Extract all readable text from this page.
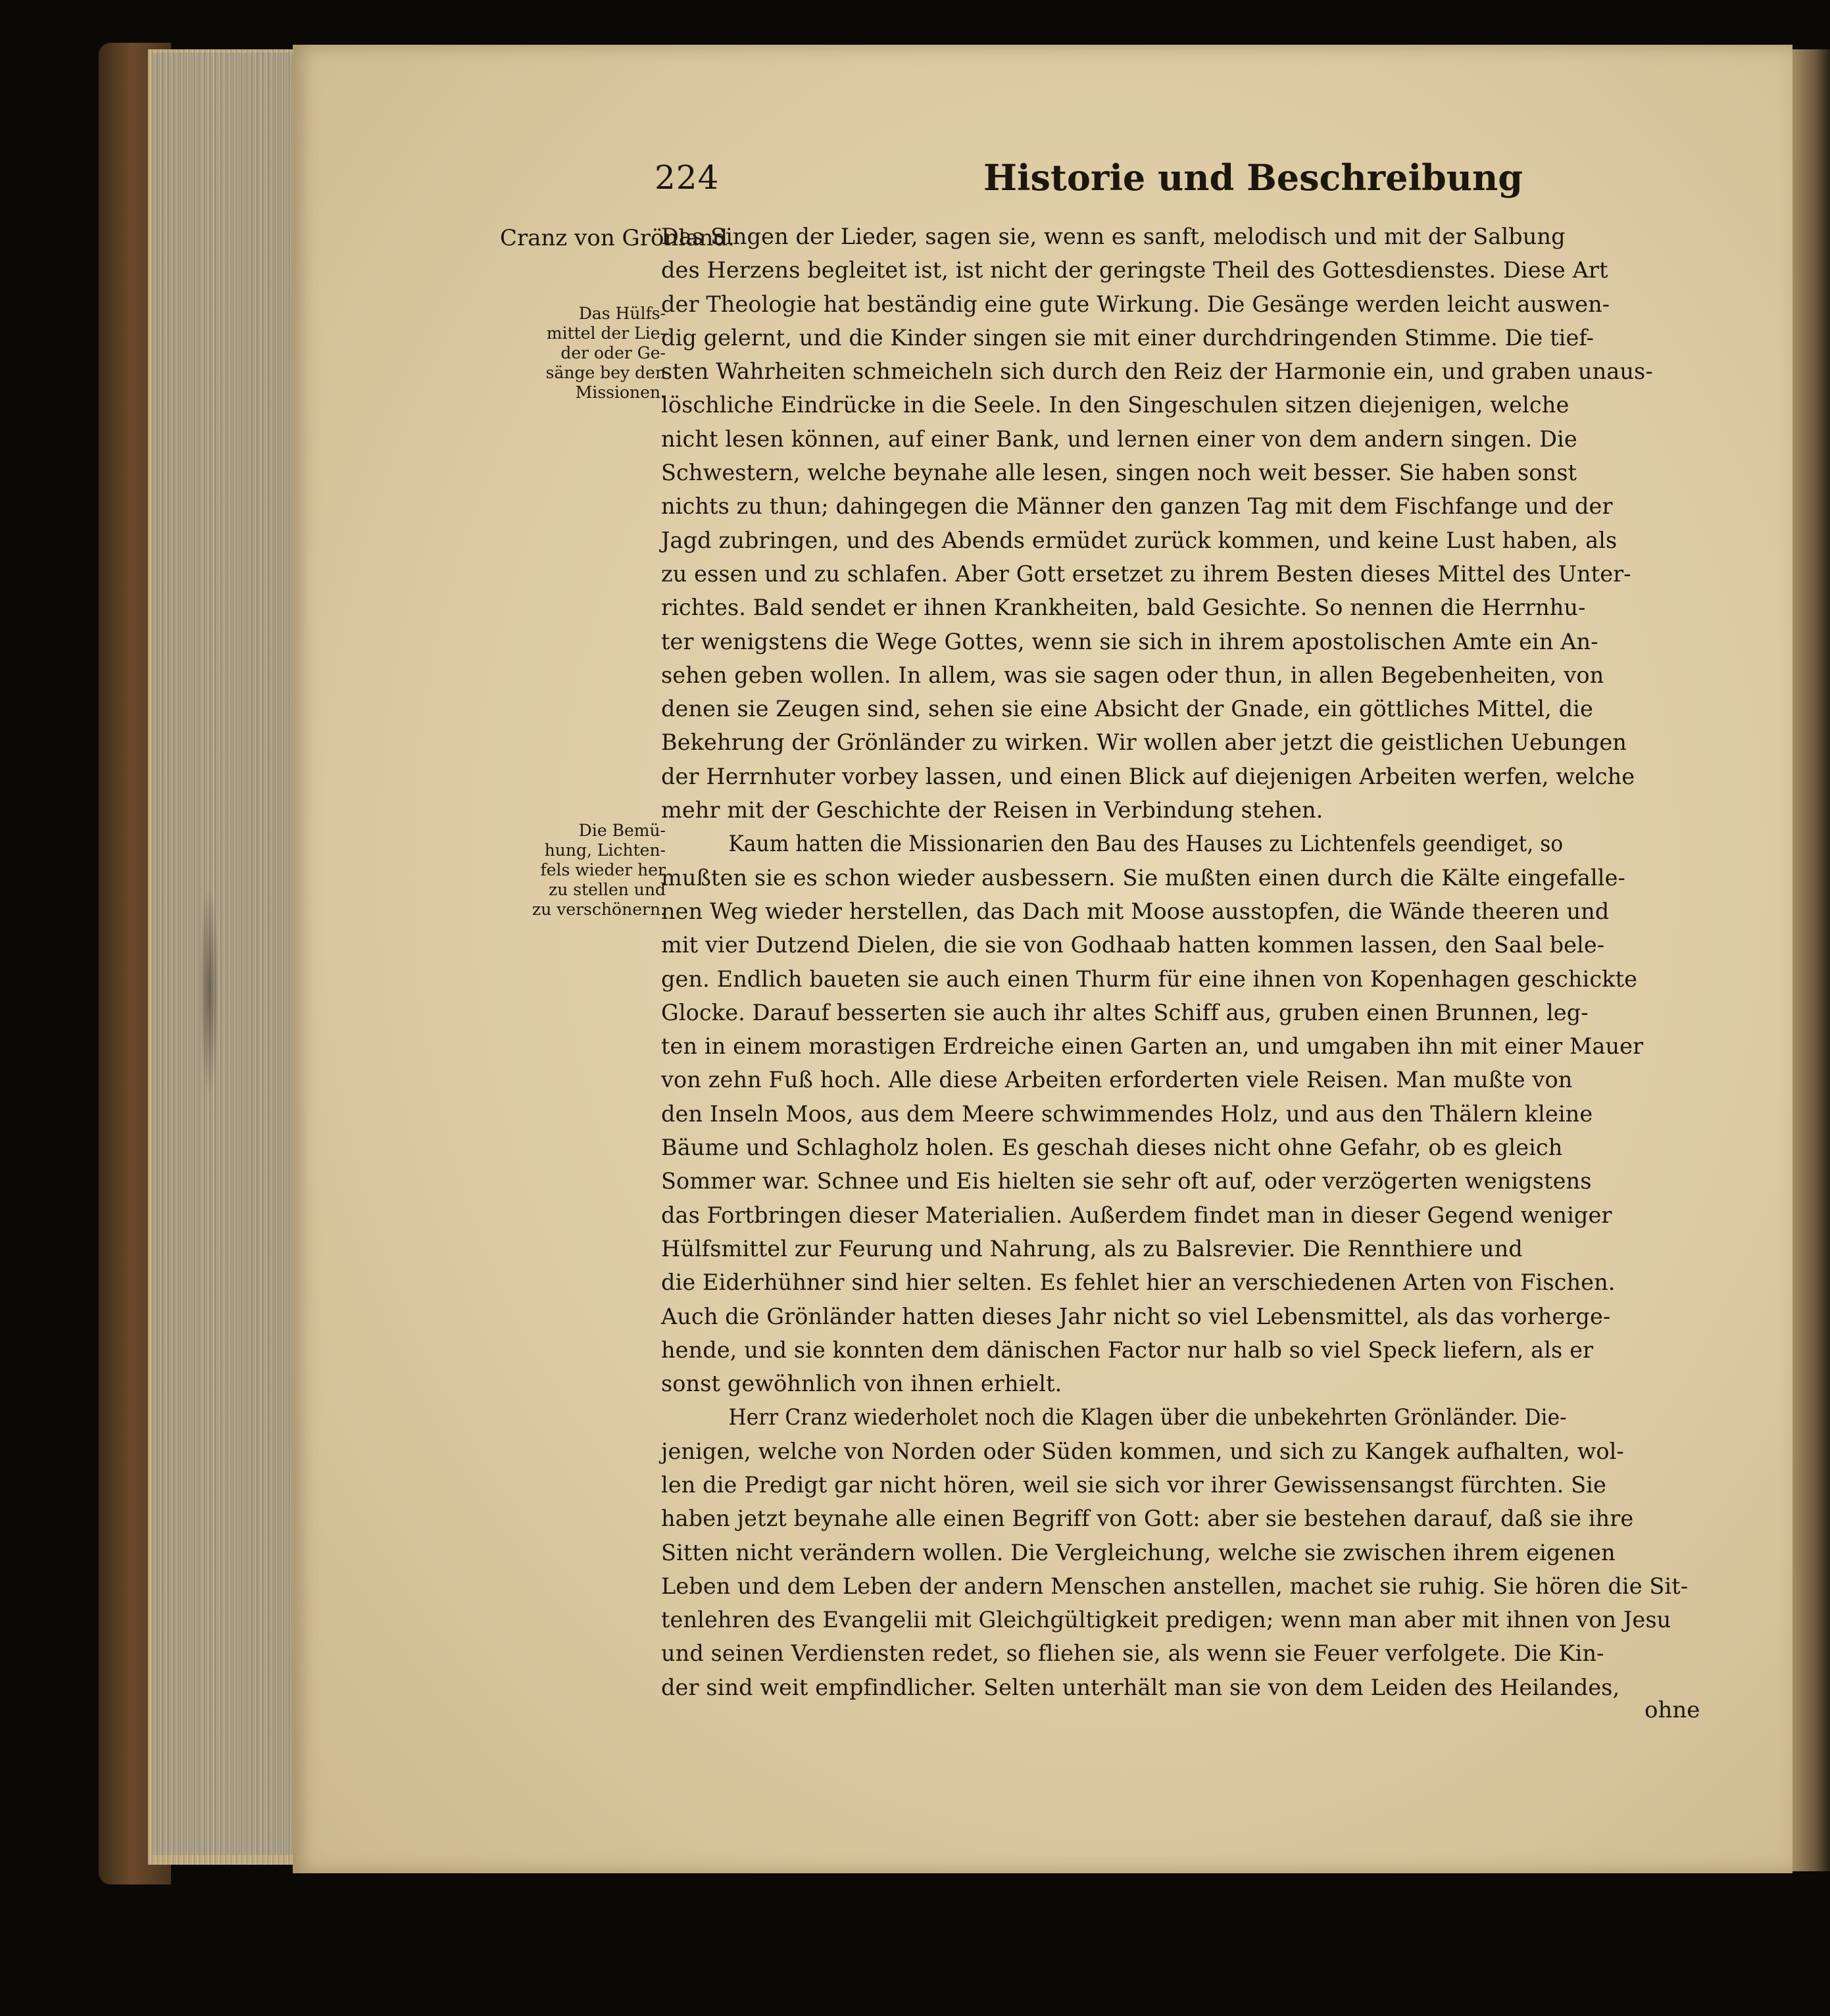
224	Historie und Beschreibung
Cranz von Grönland.
Das Hülfs-
mittel der Lie-
der oder Ge-
sänge bey den
Missionen.
Die Bemü-
hung, Lichten-
fels wieder her
zu stellen und
zu verschönern.
Das Singen der Lieder, sagen sie, wenn es sanft, melodisch und mit der Salbung
des Herzens begleitet ist, ist nicht der geringste Theil des Gottesdienstes. Diese Art
der Theologie hat beständig eine gute Wirkung. Die Gesänge werden leicht auswen-
dig gelernt, und die Kinder singen sie mit einer durchdringenden Stimme. Die tief-
sten Wahrheiten schmeicheln sich durch den Reiz der Harmonie ein, und graben unaus-
löschliche Eindrücke in die Seele. In den Singeschulen sitzen diejenigen, welche
nicht lesen können, auf einer Bank, und lernen einer von dem andern singen. Die
Schwestern, welche beynahe alle lesen, singen noch weit besser. Sie haben sonst
nichts zu thun; dahingegen die Männer den ganzen Tag mit dem Fischfange und der
Jagd zubringen, und des Abends ermüdet zurück kommen, und keine Lust haben, als
zu essen und zu schlafen. Aber Gott ersetzet zu ihrem Besten dieses Mittel des Unter-
richtes. Bald sendet er ihnen Krankheiten, bald Gesichte. So nennen die Herrnhu-
ter wenigstens die Wege Gottes, wenn sie sich in ihrem apostolischen Amte ein An-
sehen geben wollen. In allem, was sie sagen oder thun, in allen Begebenheiten, von
denen sie Zeugen sind, sehen sie eine Absicht der Gnade, ein göttliches Mittel, die
Bekehrung der Grönländer zu wirken. Wir wollen aber jetzt die geistlichen Uebungen
der Herrnhuter vorbey lassen, und einen Blick auf diejenigen Arbeiten werfen, welche
mehr mit der Geschichte der Reisen in Verbindung stehen.
Kaum hatten die Missionarien den Bau des Hauses zu Lichtenfels geendiget, so
mußten sie es schon wieder ausbessern. Sie mußten einen durch die Kälte eingefalle-
nen Weg wieder herstellen, das Dach mit Moose ausstopfen, die Wände theeren und
mit vier Dutzend Dielen, die sie von Godhaab hatten kommen lassen, den Saal bele-
gen. Endlich baueten sie auch einen Thurm für eine ihnen von Kopenhagen geschickte
Glocke. Darauf besserten sie auch ihr altes Schiff aus, gruben einen Brunnen, leg-
ten in einem morastigen Erdreiche einen Garten an, und umgaben ihn mit einer Mauer
von zehn Fuß hoch. Alle diese Arbeiten erforderten viele Reisen. Man mußte von
den Inseln Moos, aus dem Meere schwimmendes Holz, und aus den Thälern kleine
Bäume und Schlagholz holen. Es geschah dieses nicht ohne Gefahr, ob es gleich
Sommer war. Schnee und Eis hielten sie sehr oft auf, oder verzögerten wenigstens
das Fortbringen dieser Materialien. Außerdem findet man in dieser Gegend weniger
Hülfsmittel zur Feurung und Nahrung, als zu Balsrevier. Die Rennthiere und
die Eiderhühner sind hier selten. Es fehlet hier an verschiedenen Arten von Fischen.
Auch die Grönländer hatten dieses Jahr nicht so viel Lebensmittel, als das vorherge-
hende, und sie konnten dem dänischen Factor nur halb so viel Speck liefern, als er
sonst gewöhnlich von ihnen erhielt.
Herr Cranz wiederholet noch die Klagen über die unbekehrten Grönländer. Die-
jenigen, welche von Norden oder Süden kommen, und sich zu Kangek aufhalten, wol-
len die Predigt gar nicht hören, weil sie sich vor ihrer Gewissensangst fürchten. Sie
haben jetzt beynahe alle einen Begriff von Gott: aber sie bestehen darauf, daß sie ihre
Sitten nicht verändern wollen. Die Vergleichung, welche sie zwischen ihrem eigenen
Leben und dem Leben der andern Menschen anstellen, machet sie ruhig. Sie hören die Sit-
tenlehren des Evangelii mit Gleichgültigkeit predigen; wenn man aber mit ihnen von Jesu
und seinen Verdiensten redet, so fliehen sie, als wenn sie Feuer verfolgete. Die Kin-
der sind weit empfindlicher. Selten unterhält man sie von dem Leiden des Heilandes,
ohne
